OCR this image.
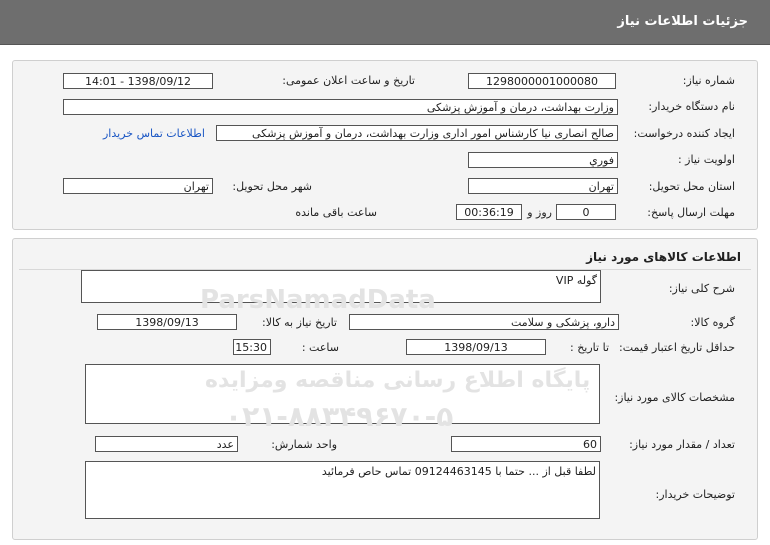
جزئيات اطلاعات نياز
شماره نیاز:
1298000001000080
تاریخ و ساعت اعلان عمومی:
1398/09/12 - 14:01
نام دستگاه خریدار:
وزارت بهداشت، درمان و آموزش پزشکی
ایجاد کننده درخواست:
صالح انصاری نیا کارشناس امور اداری وزارت بهداشت، درمان و آموزش پزشکی
اطلاعات تماس خریدار
اولویت نیاز :
فوري
استان محل تحویل:
تهران
شهر محل تحویل:
تهران
مهلت ارسال پاسخ:
0
روز و
00:36:19
ساعت باقی مانده
اطلاعات کالاهای مورد نیاز
شرح کلی نیاز:
گوله VIP
گروه کالا:
دارو، پزشکی و سلامت
تاریخ نیاز به کالا:
1398/09/13
حداقل تاریخ اعتبار قیمت:
تا تاریخ :
1398/09/13
ساعت :
15:30
مشخصات کالای مورد نیاز:
تعداد / مقدار مورد نیاز:
60
واحد شمارش:
عدد
توضیحات خریدار:
لطفا قبل از ... حتما با 09124463145 تماس حاص فرمائید
ParsNamadData
پایگاه اطلاع رسانی مناقصه ومزایده
۰۲۱-۸۸۳۴۹۶۷۰-۵
